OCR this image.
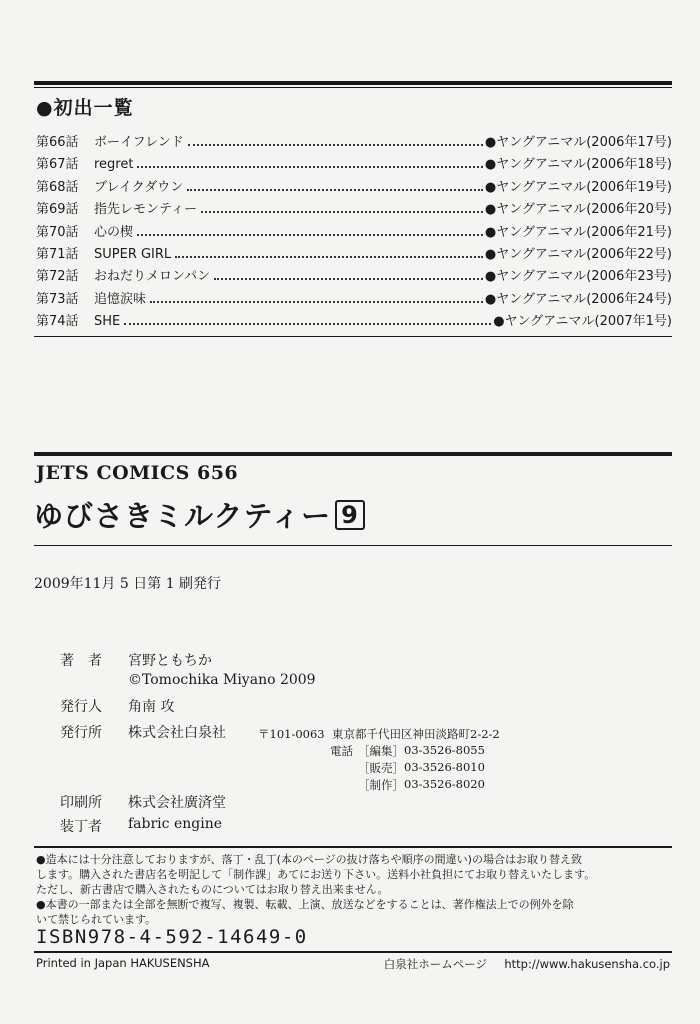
●初出一覧
第66話	ボーイフレンド	●ヤングアニマル(2006年17号)
第67話	regret	●ヤングアニマル(2006年18号)
第68話	ブレイクダウン	●ヤングアニマル(2006年19号)
第69話	指先レモンティー	●ヤングアニマル(2006年20号)
第70話	心の楔	●ヤングアニマル(2006年21号)
第71話	SUPER GIRL	●ヤングアニマル(2006年22号)
第72話	おねだりメロンパン	●ヤングアニマル(2006年23号)
第73話	追憶涙味	●ヤングアニマル(2006年24号)
第74話	SHE	●ヤングアニマル(2007年1号)
JETS COMICS 656
ゆびさきミルクティー 9
2009年11月 5 日第 1 刷発行
著　者 宮野ともちか
©Tomochika Miyano 2009
発行人 角南 攻
発行所 株式会社白泉社	〒101-0063 東京都千代田区神田淡路町2-2-2
電話 ［編集］ 03-3526-8055
［販売］ 03-3526-8010
［制作］ 03-3526-8020
印刷所 株式会社廣済堂
装丁者 fabric engine
●造本には十分注意しておりますが、落丁・乱丁(本のページの抜け落ちや順序の間違い)の場合はお取り替え致
します。購入された書店名を明記して「制作課」あてにお送り下さい。送料小社負担にてお取り替えいたします。
ただし、新古書店で購入されたものについてはお取り替え出来ません。
●本書の一部または全部を無断で複写、複製、転載、上演、放送などをすることは、著作権法上での例外を除
いて禁じられています。
ISBN978-4-592-14649-0
Printed in Japan HAKUSENSHA	白泉社ホームページ http://www.hakusensha.co.jp
